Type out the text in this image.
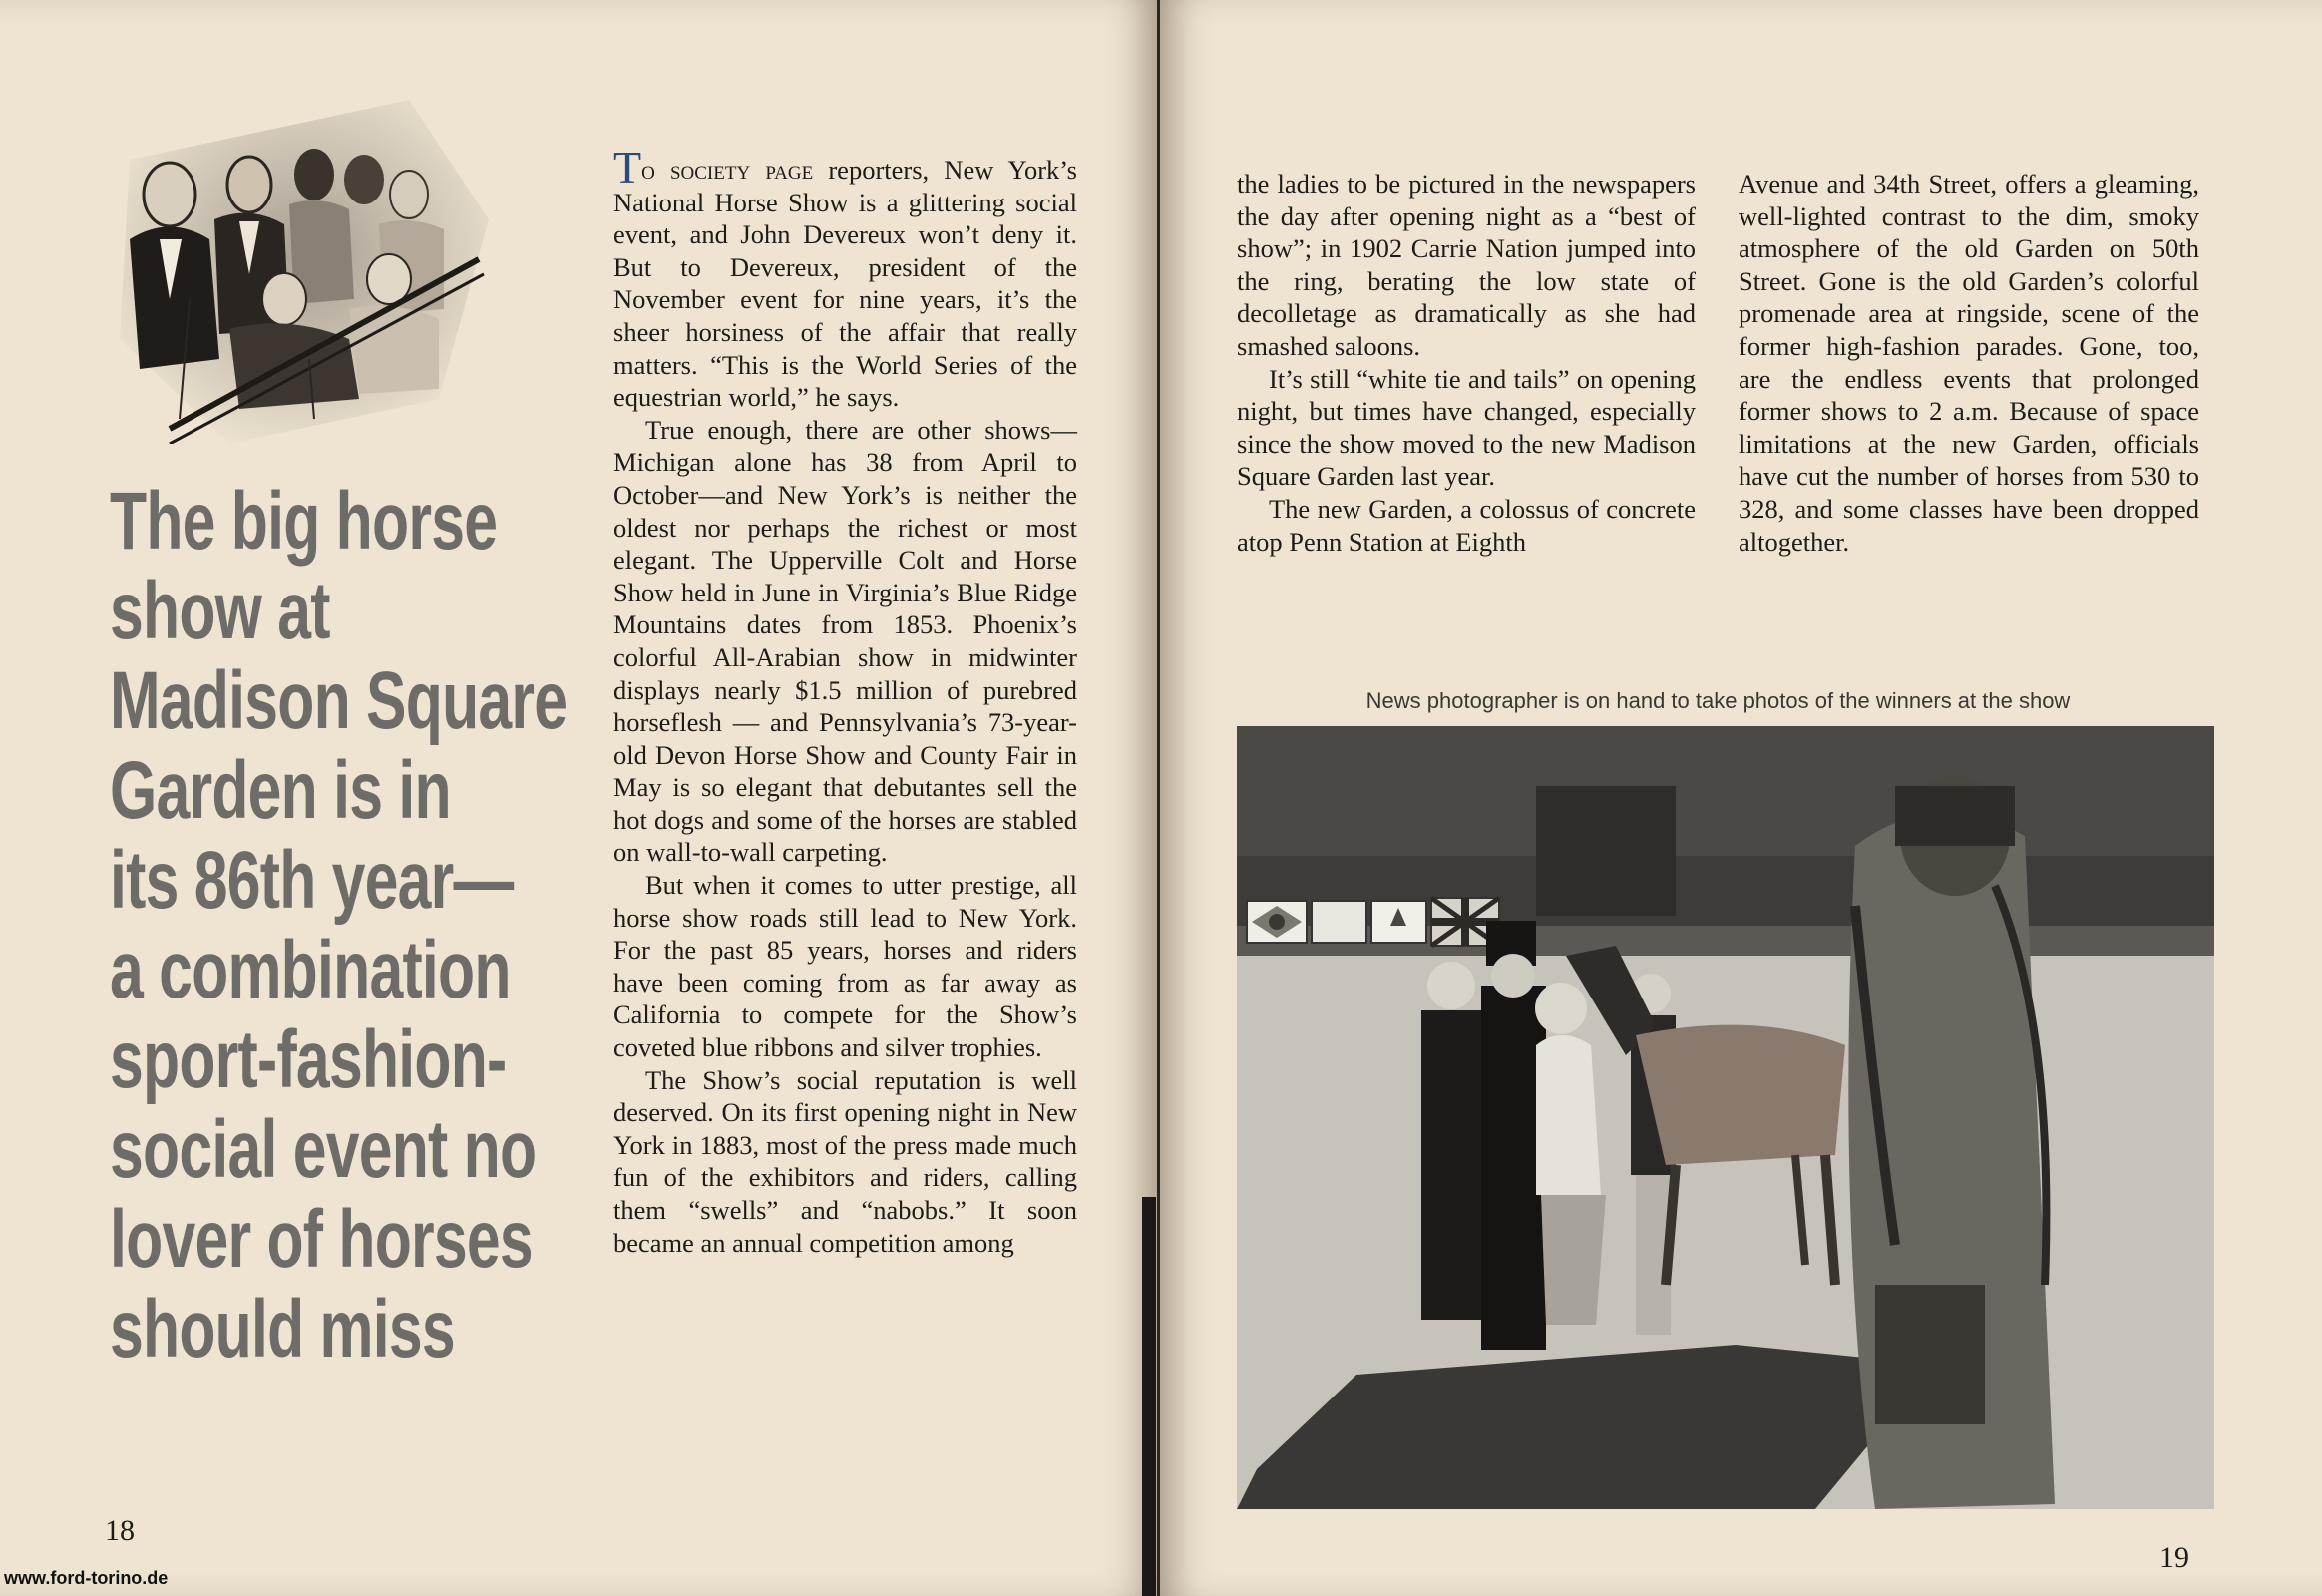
The big horse
show at
Madison Square
Garden is in
its 86th year—
a combination
sport-fashion-
social event no
lover of horses
should miss

To society page reporters, New York’s National Horse Show is a glittering social event, and John Devereux won’t deny it. But to Devereux, president of the November event for nine years, it’s the sheer horsiness of the affair that really matters. “This is the World Series of the equestrian world,” he says.

True enough, there are other shows—Michigan alone has 38 from April to October—and New York’s is neither the oldest nor perhaps the richest or most elegant. The Upperville Colt and Horse Show held in June in Virginia’s Blue Ridge Mountains dates from 1853. Phoenix’s colorful All-Arabian show in midwinter displays nearly $1.5 million of purebred horseflesh — and Pennsylvania’s 73-year-old Devon Horse Show and County Fair in May is so elegant that debutantes sell the hot dogs and some of the horses are stabled on wall-to-wall carpeting.

But when it comes to utter prestige, all horse show roads still lead to New York. For the past 85 years, horses and riders have been coming from as far away as California to compete for the Show’s coveted blue ribbons and silver trophies.

The Show’s social reputation is well deserved. On its first opening night in New York in 1883, most of the press made much fun of the exhibitors and riders, calling them “swells” and “nabobs.” It soon became an annual competition among

18

the ladies to be pictured in the newspapers the day after opening night as a “best of show”; in 1902 Carrie Nation jumped into the ring, berating the low state of decolletage as dramatically as she had smashed saloons.

It’s still “white tie and tails” on opening night, but times have changed, especially since the show moved to the new Madison Square Garden last year.

The new Garden, a colossus of concrete atop Penn Station at Eighth

Avenue and 34th Street, offers a gleaming, well-lighted contrast to the dim, smoky atmosphere of the old Garden on 50th Street. Gone is the old Garden’s colorful promenade area at ringside, scene of the former high-fashion parades. Gone, too, are the endless events that prolonged former shows to 2 a.m. Because of space limitations at the new Garden, officials have cut the number of horses from 530 to 328, and some classes have been dropped altogether.

News photographer is on hand to take photos of the winners at the show
19
www.ford-torino.de
